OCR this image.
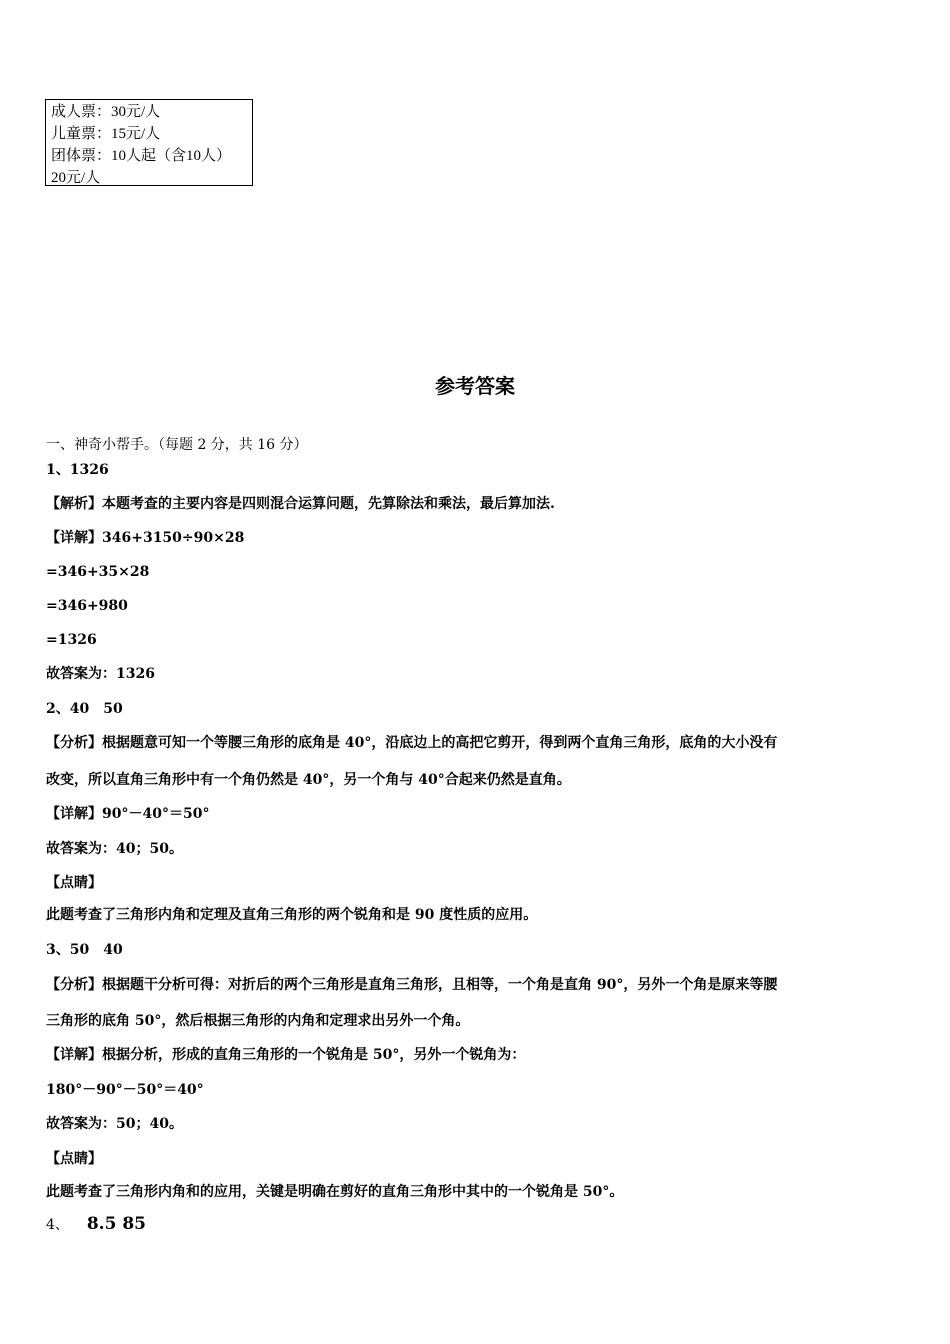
成人票：30元/人
儿童票：15元/人
团体票：10人起（含10人）
20元/人
参考答案
一、神奇小帮手。（每题 2 分，共 16 分）
1、1326
【解析】本题考查的主要内容是四则混合运算问题，先算除法和乘法，最后算加法.
【详解】346+3150÷90×28
=346+35×28
=346+980
=1326
故答案为：1326
2、40　50
【分析】根据题意可知一个等腰三角形的底角是 40°，沿底边上的高把它剪开，得到两个直角三角形，底角的大小没有
改变，所以直角三角形中有一个角仍然是 40°，另一个角与 40°合起来仍然是直角。
【详解】90°－40°＝50°
故答案为：40；50。
【点睛】
此题考查了三角形内角和定理及直角三角形的两个锐角和是 90 度性质的应用。
3、50　40
【分析】根据题干分析可得：对折后的两个三角形是直角三角形，且相等，一个角是直角 90°，另外一个角是原来等腰
三角形的底角 50°，然后根据三角形的内角和定理求出另外一个角。
【详解】根据分析，形成的直角三角形的一个锐角是 50°，另外一个锐角为：
180°－90°－50°＝40°
故答案为：50；40。
【点睛】
此题考查了三角形内角和的应用，关键是明确在剪好的直角三角形中其中的一个锐角是 50°。
4、 8.5 85
